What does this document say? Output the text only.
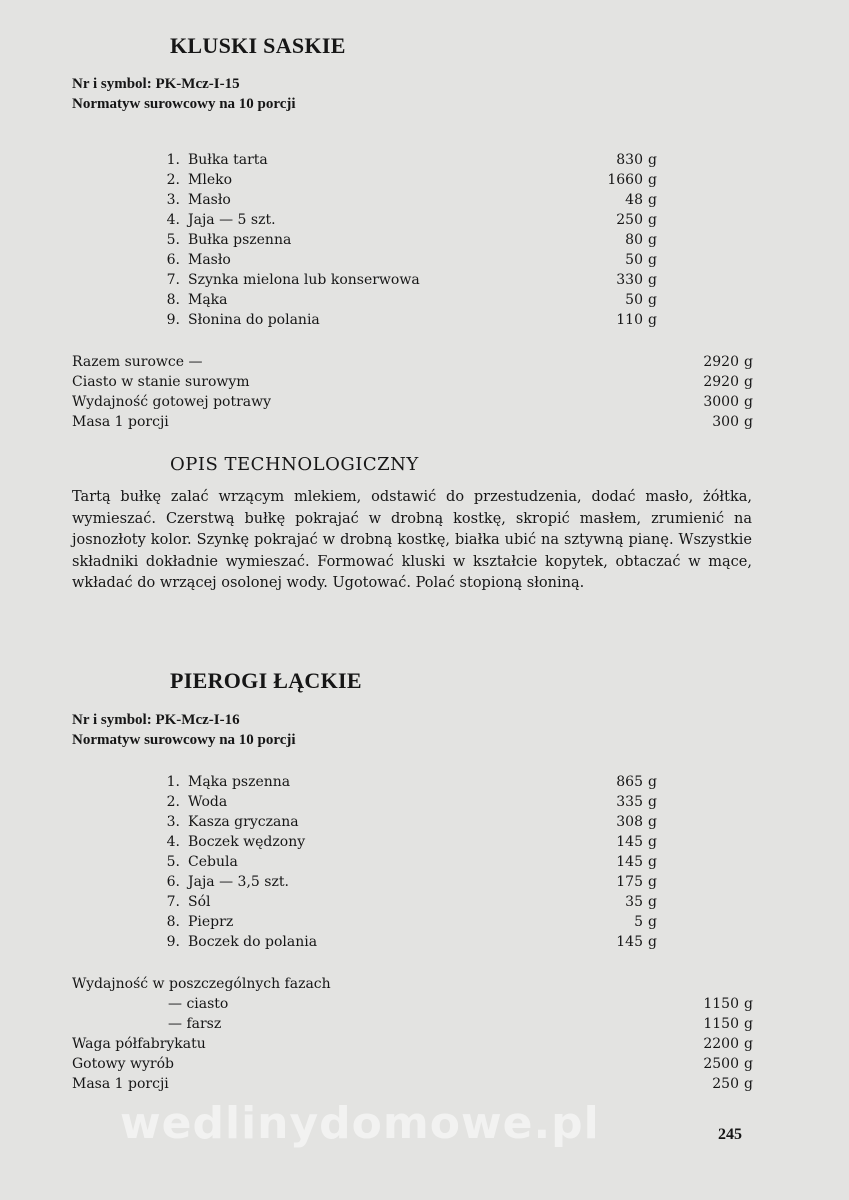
KLUSKI SASKIE
Nr i symbol: PK-Mcz-I-15
Normatyw surowcowy na 10 porcji
1. Bułka tarta	830 g
2. Mleko	1660 g
3. Masło	48 g
4. Jaja — 5 szt.	250 g
5. Bułka pszenna	80 g
6. Masło	50 g
7. Szynka mielona lub konserwowa	330 g
8. Mąka	50 g
9. Słonina do polania	110 g
Razem surowce —	2920 g
Ciasto w stanie surowym	2920 g
Wydajność gotowej potrawy	3000 g
Masa 1 porcji	300 g
OPIS TECHNOLOGICZNY
Tartą bułkę zalać wrzącym mlekiem, odstawić do przestudzenia, dodać masło, żółtka, wymieszać. Czerstwą bułkę pokrajać w drobną kostkę, skropić masłem, zrumienić na josnozłoty kolor. Szynkę pokrajać w drobną kostkę, białka ubić na sztywną pianę. Wszystkie składniki dokładnie wymieszać. Formować kluski w kształcie kopytek, obtaczać w mące, wkładać do wrzącej osolonej wody. Ugotować. Polać stopioną słoniną.
PIEROGI ŁĄCKIE
Nr i symbol: PK-Mcz-I-16
Normatyw surowcowy na 10 porcji
1. Mąka pszenna	865 g
2. Woda	335 g
3. Kasza gryczana	308 g
4. Boczek wędzony	145 g
5. Cebula	145 g
6. Jaja — 3,5 szt.	175 g
7. Sól	35 g
8. Pieprz	5 g
9. Boczek do polania	145 g
Wydajność w poszczególnych fazach
— ciasto	1150 g
— farsz	1150 g
Waga półfabrykatu	2200 g
Gotowy wyrób	2500 g
Masa 1 porcji	250 g
wedlinydomowe.pl	245
